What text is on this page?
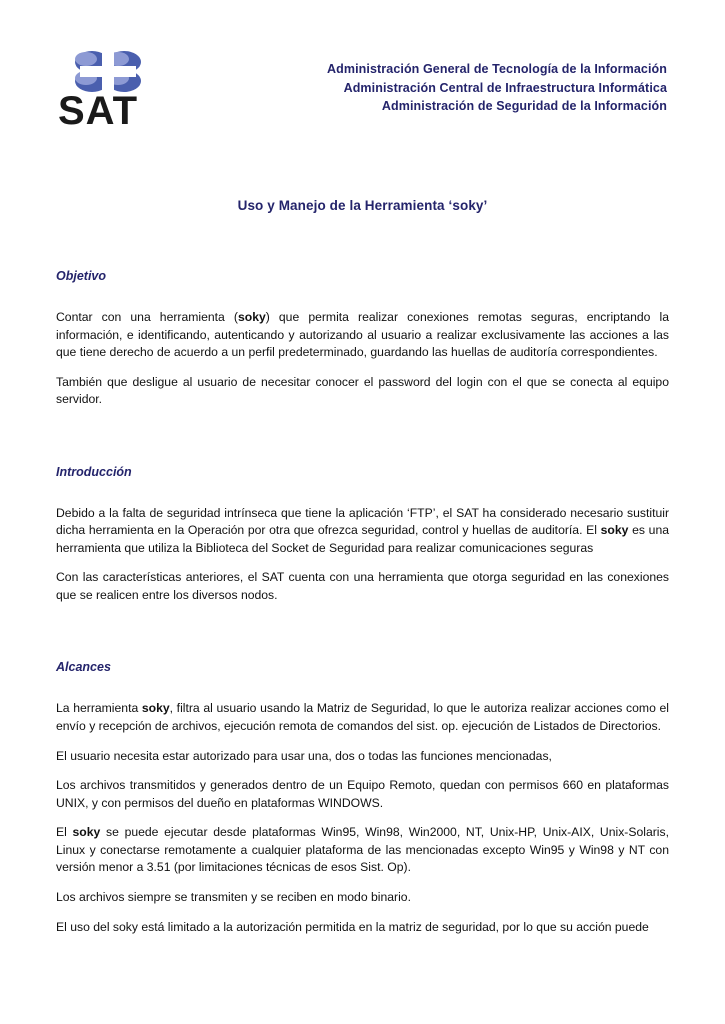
SAT
Administración General de Tecnología de la Información
Administración Central de Infraestructura Informática
Administración de Seguridad de la Información
Uso y Manejo de la Herramienta ‘soky’
Objetivo

Contar con una herramienta (soky) que permita realizar conexiones remotas seguras, encriptando la información, e identificando, autenticando y autorizando al usuario a realizar exclusivamente las acciones a las que tiene derecho de acuerdo a un perfil predeterminado, guardando las huellas de auditoría correspondientes.

También que desligue al usuario de necesitar conocer el password del login con el que se conecta al equipo servidor.

Introducción

Debido a la falta de seguridad intrínseca que tiene la aplicación ‘FTP’, el SAT ha considerado necesario sustituir dicha herramienta en la Operación por otra que ofrezca seguridad, control y huellas de auditoría. El soky es una herramienta que utiliza la Biblioteca del Socket de Seguridad para realizar comunicaciones seguras

Con las características anteriores, el SAT cuenta con una herramienta que otorga seguridad en las conexiones que se realicen entre los diversos nodos.

Alcances

La herramienta soky, filtra al usuario usando la Matriz de Seguridad, lo que le autoriza realizar acciones como el envío y recepción de archivos, ejecución remota de comandos del sist. op. ejecución de Listados de Directorios.

El usuario necesita estar autorizado para usar una, dos o todas las funciones mencionadas,

Los archivos transmitidos y generados dentro de un Equipo Remoto, quedan con permisos 660 en plataformas UNIX, y con permisos del dueño en plataformas WINDOWS.

El soky se puede ejecutar desde plataformas Win95, Win98, Win2000, NT, Unix-HP, Unix-AIX, Unix-Solaris, Linux y conectarse remotamente a cualquier plataforma de las mencionadas excepto Win95 y Win98 y NT con versión menor a 3.51 (por limitaciones técnicas de esos Sist. Op).

Los archivos siempre se transmiten y se reciben en modo binario.

El uso del soky está limitado a la autorización permitida en la matriz de seguridad, por lo que su acción puede
